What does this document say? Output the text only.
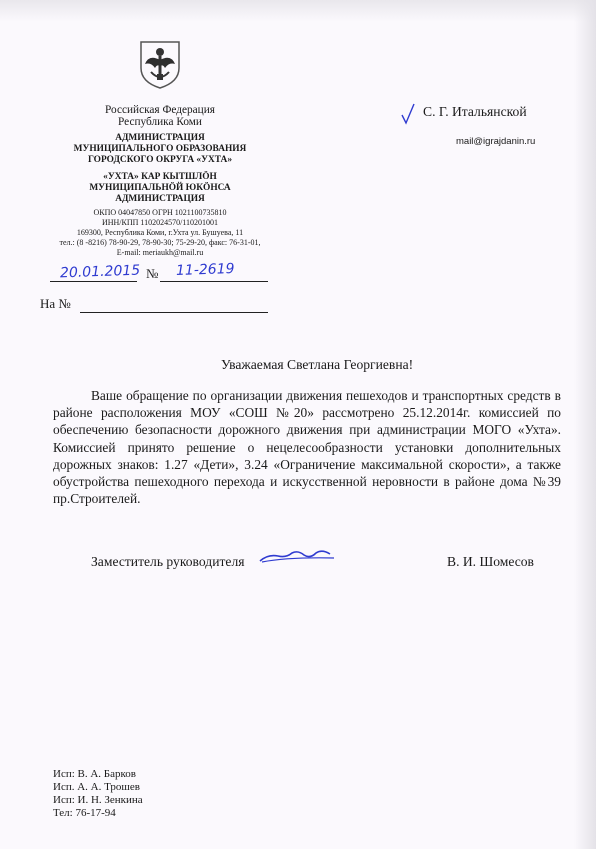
Российская Федерация
Республика Коми
АДМИНИСТРАЦИЯ
МУНИЦИПАЛЬНОГО ОБРАЗОВАНИЯ
ГОРОДСКОГО ОКРУГА «УХТА»
«УХТА» КАР КЫТШЛÖН
МУНИЦИПАЛЬНÖЙ ЮКÖНСА
АДМИНИСТРАЦИЯ
ОКПО 04047850 ОГРН 1021100735810
ИНН/КПП 1102024570/110201001
169300, Республика Коми, г.Ухта ул. Бушуева, 11
тел.: (8 -8216) 78-90-29, 78-90-30; 75-29-20, факс: 76-31-01,
E-mail: meriaukh@mail.ru
20.01.2015 № 11-2619
На №
С. Г. Итальянской
mail@igrajdanin.ru
Уважаемая Светлана Георгиевна!
Ваше обращение по организации движения пешеходов и транспортных средств в районе расположения МОУ «СОШ №20» рассмотрено 25.12.2014г. комиссией по обеспечению безопасности дорожного движения при администрации МОГО «Ухта». Комиссией принято решение о нецелесообразности установки дополнительных дорожных знаков: 1.27 «Дети», 3.24 «Ограничение максимальной скорости», а также обустройства пешеходного перехода и искусственной неровности в районе дома №39 пр.Строителей.
Заместитель руководителя	В. И. Шомесов
Исп: В. А. Барков
Исп. А. А. Трошев
Исп: И. Н. Зенкина
Тел: 76-17-94
